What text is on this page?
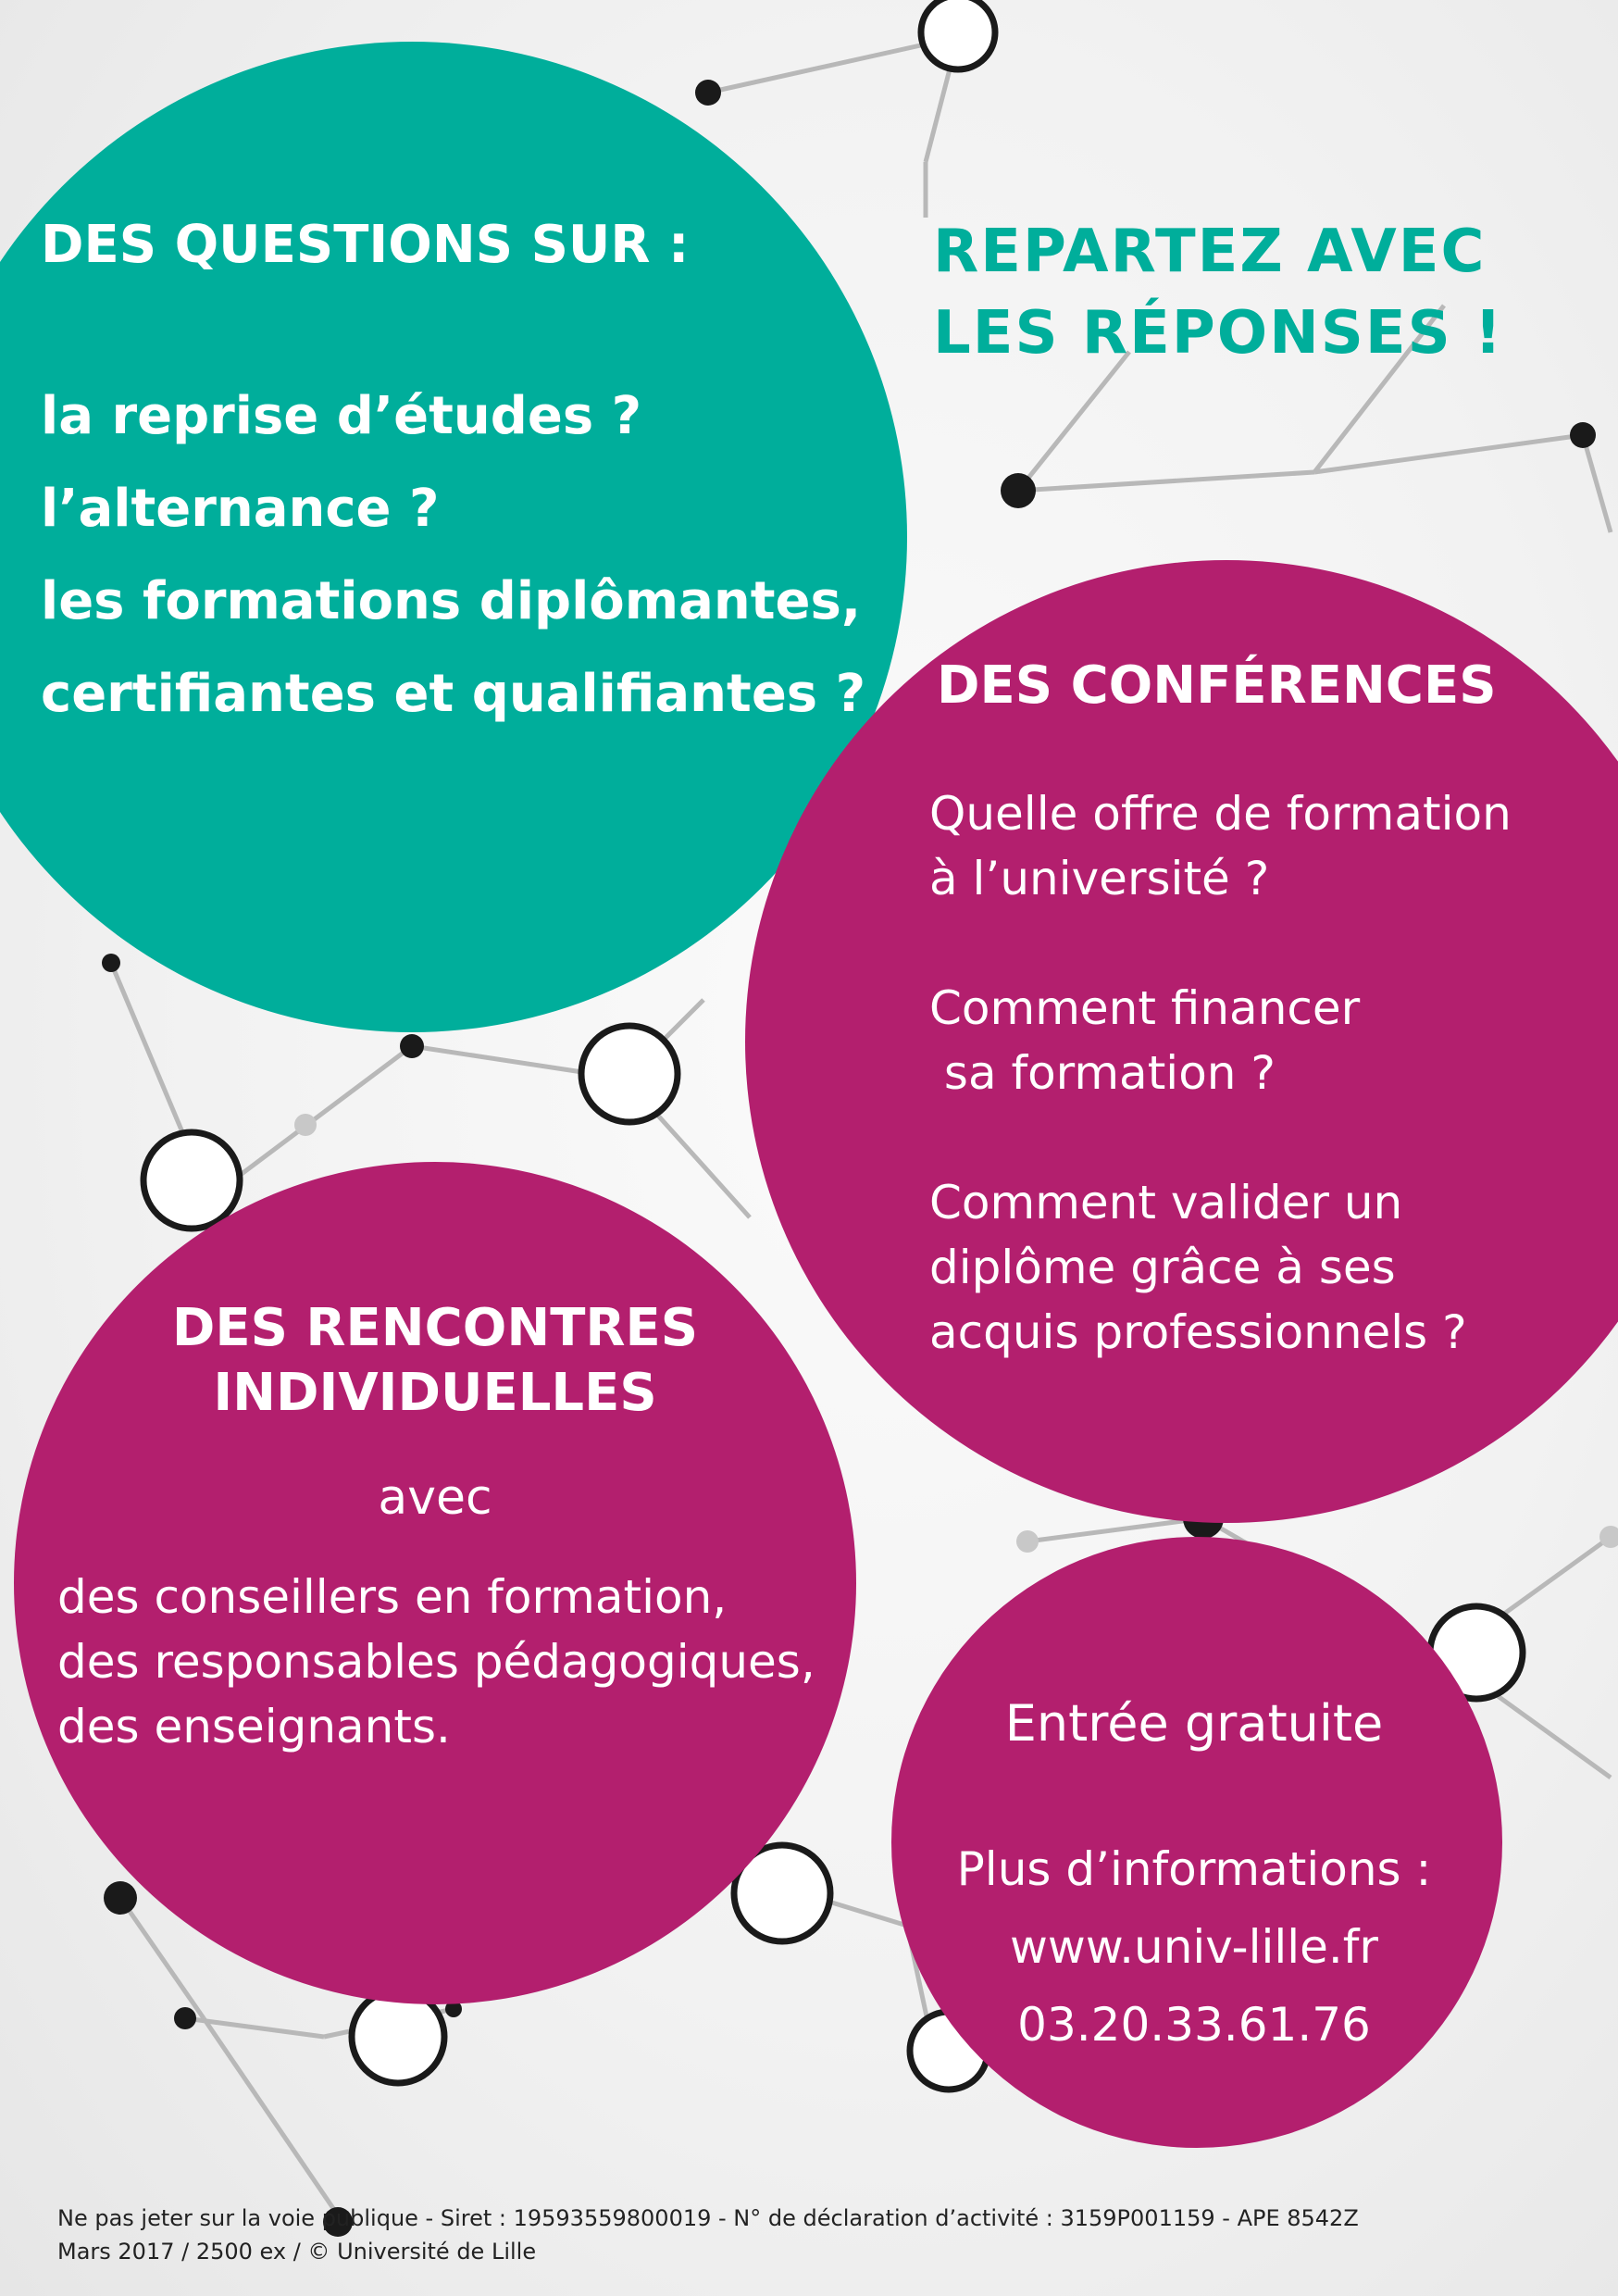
DES QUESTIONS SUR :
la reprise d’études ?
l’alternance ?
les formations diplômantes,
certifiantes et qualifiantes ?
REPARTEZ AVEC
LES RÉPONSES !
DES CONFÉRENCES
Quelle offre de formation
à l’université ?
Comment financer
sa formation ?
Comment valider un
diplôme grâce à ses
acquis professionnels ?
DES RENCONTRES
INDIVIDUELLES
avec
des conseillers en formation,
des responsables pédagogiques,
des enseignants.	Entrée gratuite
Plus d’informations :
www.univ-lille.fr
03.20.33.61.76
Ne pas jeter sur la voie publique - Siret : 19593559800019 - N° de déclaration d’activité : 3159P001159 - APE 8542Z
Mars 2017 / 2500 ex / © Université de Lille
